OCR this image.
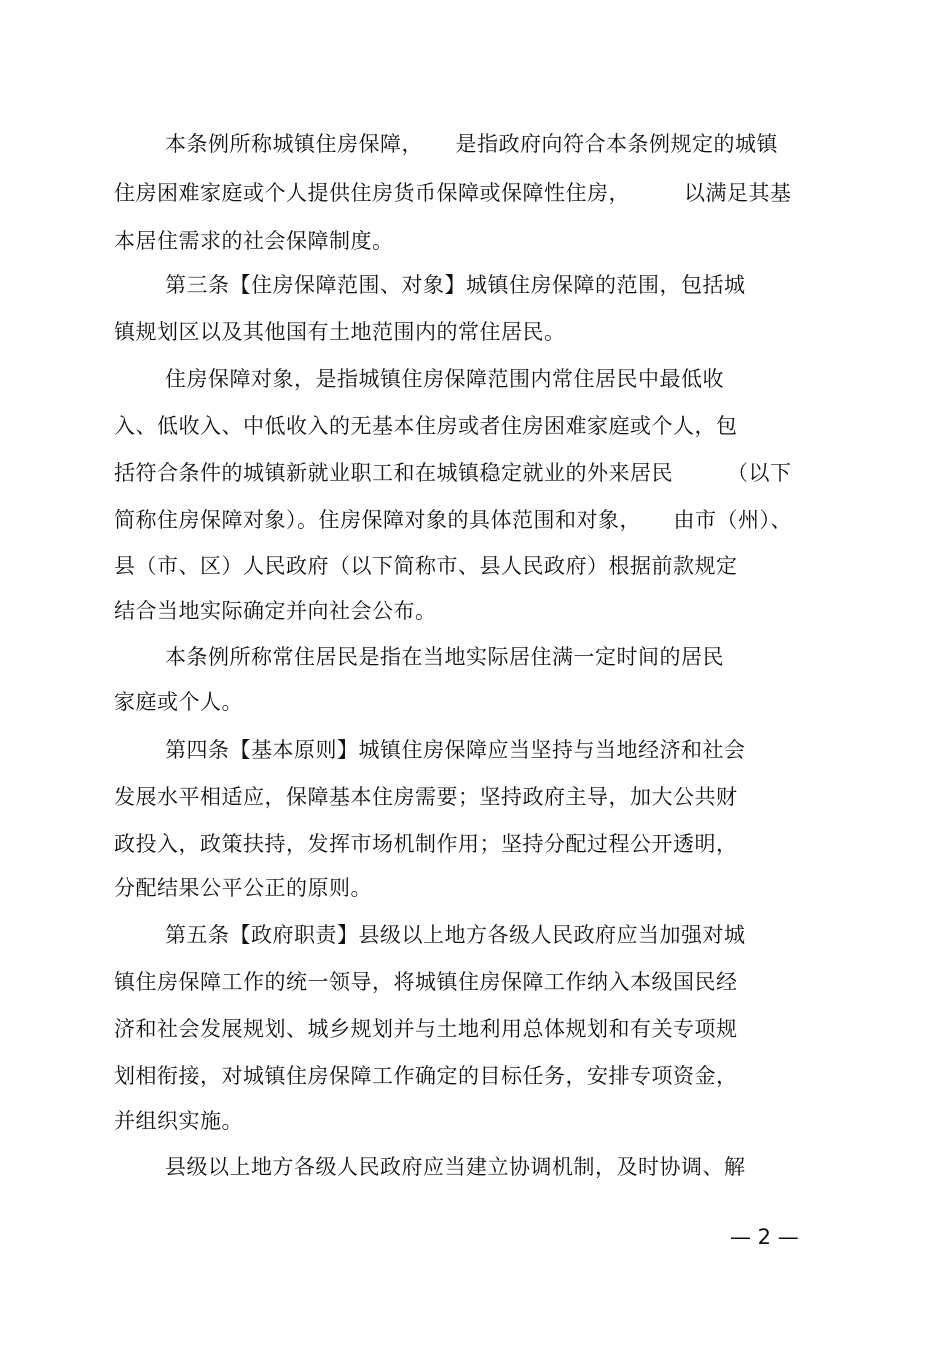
本条例所称城镇住房保障，　　是指政府向符合本条例规定的城镇
住房困难家庭或个人提供住房货币保障或保障性住房，　　　以满足其基
本居住需求的社会保障制度。
第三条【住房保障范围、对象】城镇住房保障的范围，包括城
镇规划区以及其他国有土地范围内的常住居民。
住房保障对象，是指城镇住房保障范围内常住居民中最低收
入、低收入、中低收入的无基本住房或者住房困难家庭或个人，包
括符合条件的城镇新就业职工和在城镇稳定就业的外来居民　　　（以下
简称住房保障对象）。住房保障对象的具体范围和对象，　　由市（州）、
县（市、区）人民政府（以下简称市、县人民政府）根据前款规定
结合当地实际确定并向社会公布。
本条例所称常住居民是指在当地实际居住满一定时间的居民
家庭或个人。
第四条【基本原则】城镇住房保障应当坚持与当地经济和社会
发展水平相适应，保障基本住房需要；坚持政府主导，加大公共财
政投入，政策扶持，发挥市场机制作用；坚持分配过程公开透明，
分配结果公平公正的原则。
第五条【政府职责】县级以上地方各级人民政府应当加强对城
镇住房保障工作的统一领导，将城镇住房保障工作纳入本级国民经
济和社会发展规划、城乡规划并与土地利用总体规划和有关专项规
划相衔接，对城镇住房保障工作确定的目标任务，安排专项资金，
并组织实施。
县级以上地方各级人民政府应当建立协调机制，及时协调、解
— 2 —
